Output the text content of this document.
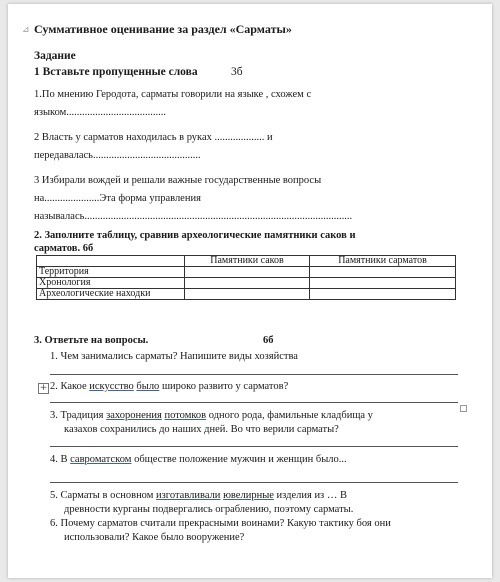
⊿ Суммативное оценивание за раздел «Сарматы»
Задание
1 Вставьте пропущенные слова	3б
1.По мнению Геродота, сарматы говорили на языке , схожем с
языком......................................
2 Власть у сарматов находилась в руках ................... и
передавалась.........................................
3 Избирали вождей и решали важные государственные вопросы
на.....................Эта форма управления
называлась......................................................................................................
2. Заполните таблицу, сравнив археологические памятники саков и
сарматов. 6б
	Памятники саков	Памятники сарматов
Территория		
Хронология		
Археологические находки		
3. Ответьте на вопросы.	6б
1. Чем занимались сарматы? Напишите виды хозяйства
+ 2. Какое искусство было широко развито у сарматов?
3. Традиция захоронения потомков одного рода, фамильные кладбища у
казахов сохранились до наших дней. Во что верили сарматы?
4. В савроматском обществе положение мужчин и женщин было...
5. Сарматы в основном изготавливали ювелирные изделия из … В
древности курганы подвергались ограблению, поэтому сарматы.
6. Почему сарматов считали прекрасными воинами? Какую тактику боя они
использовали? Какое было вооружение?
